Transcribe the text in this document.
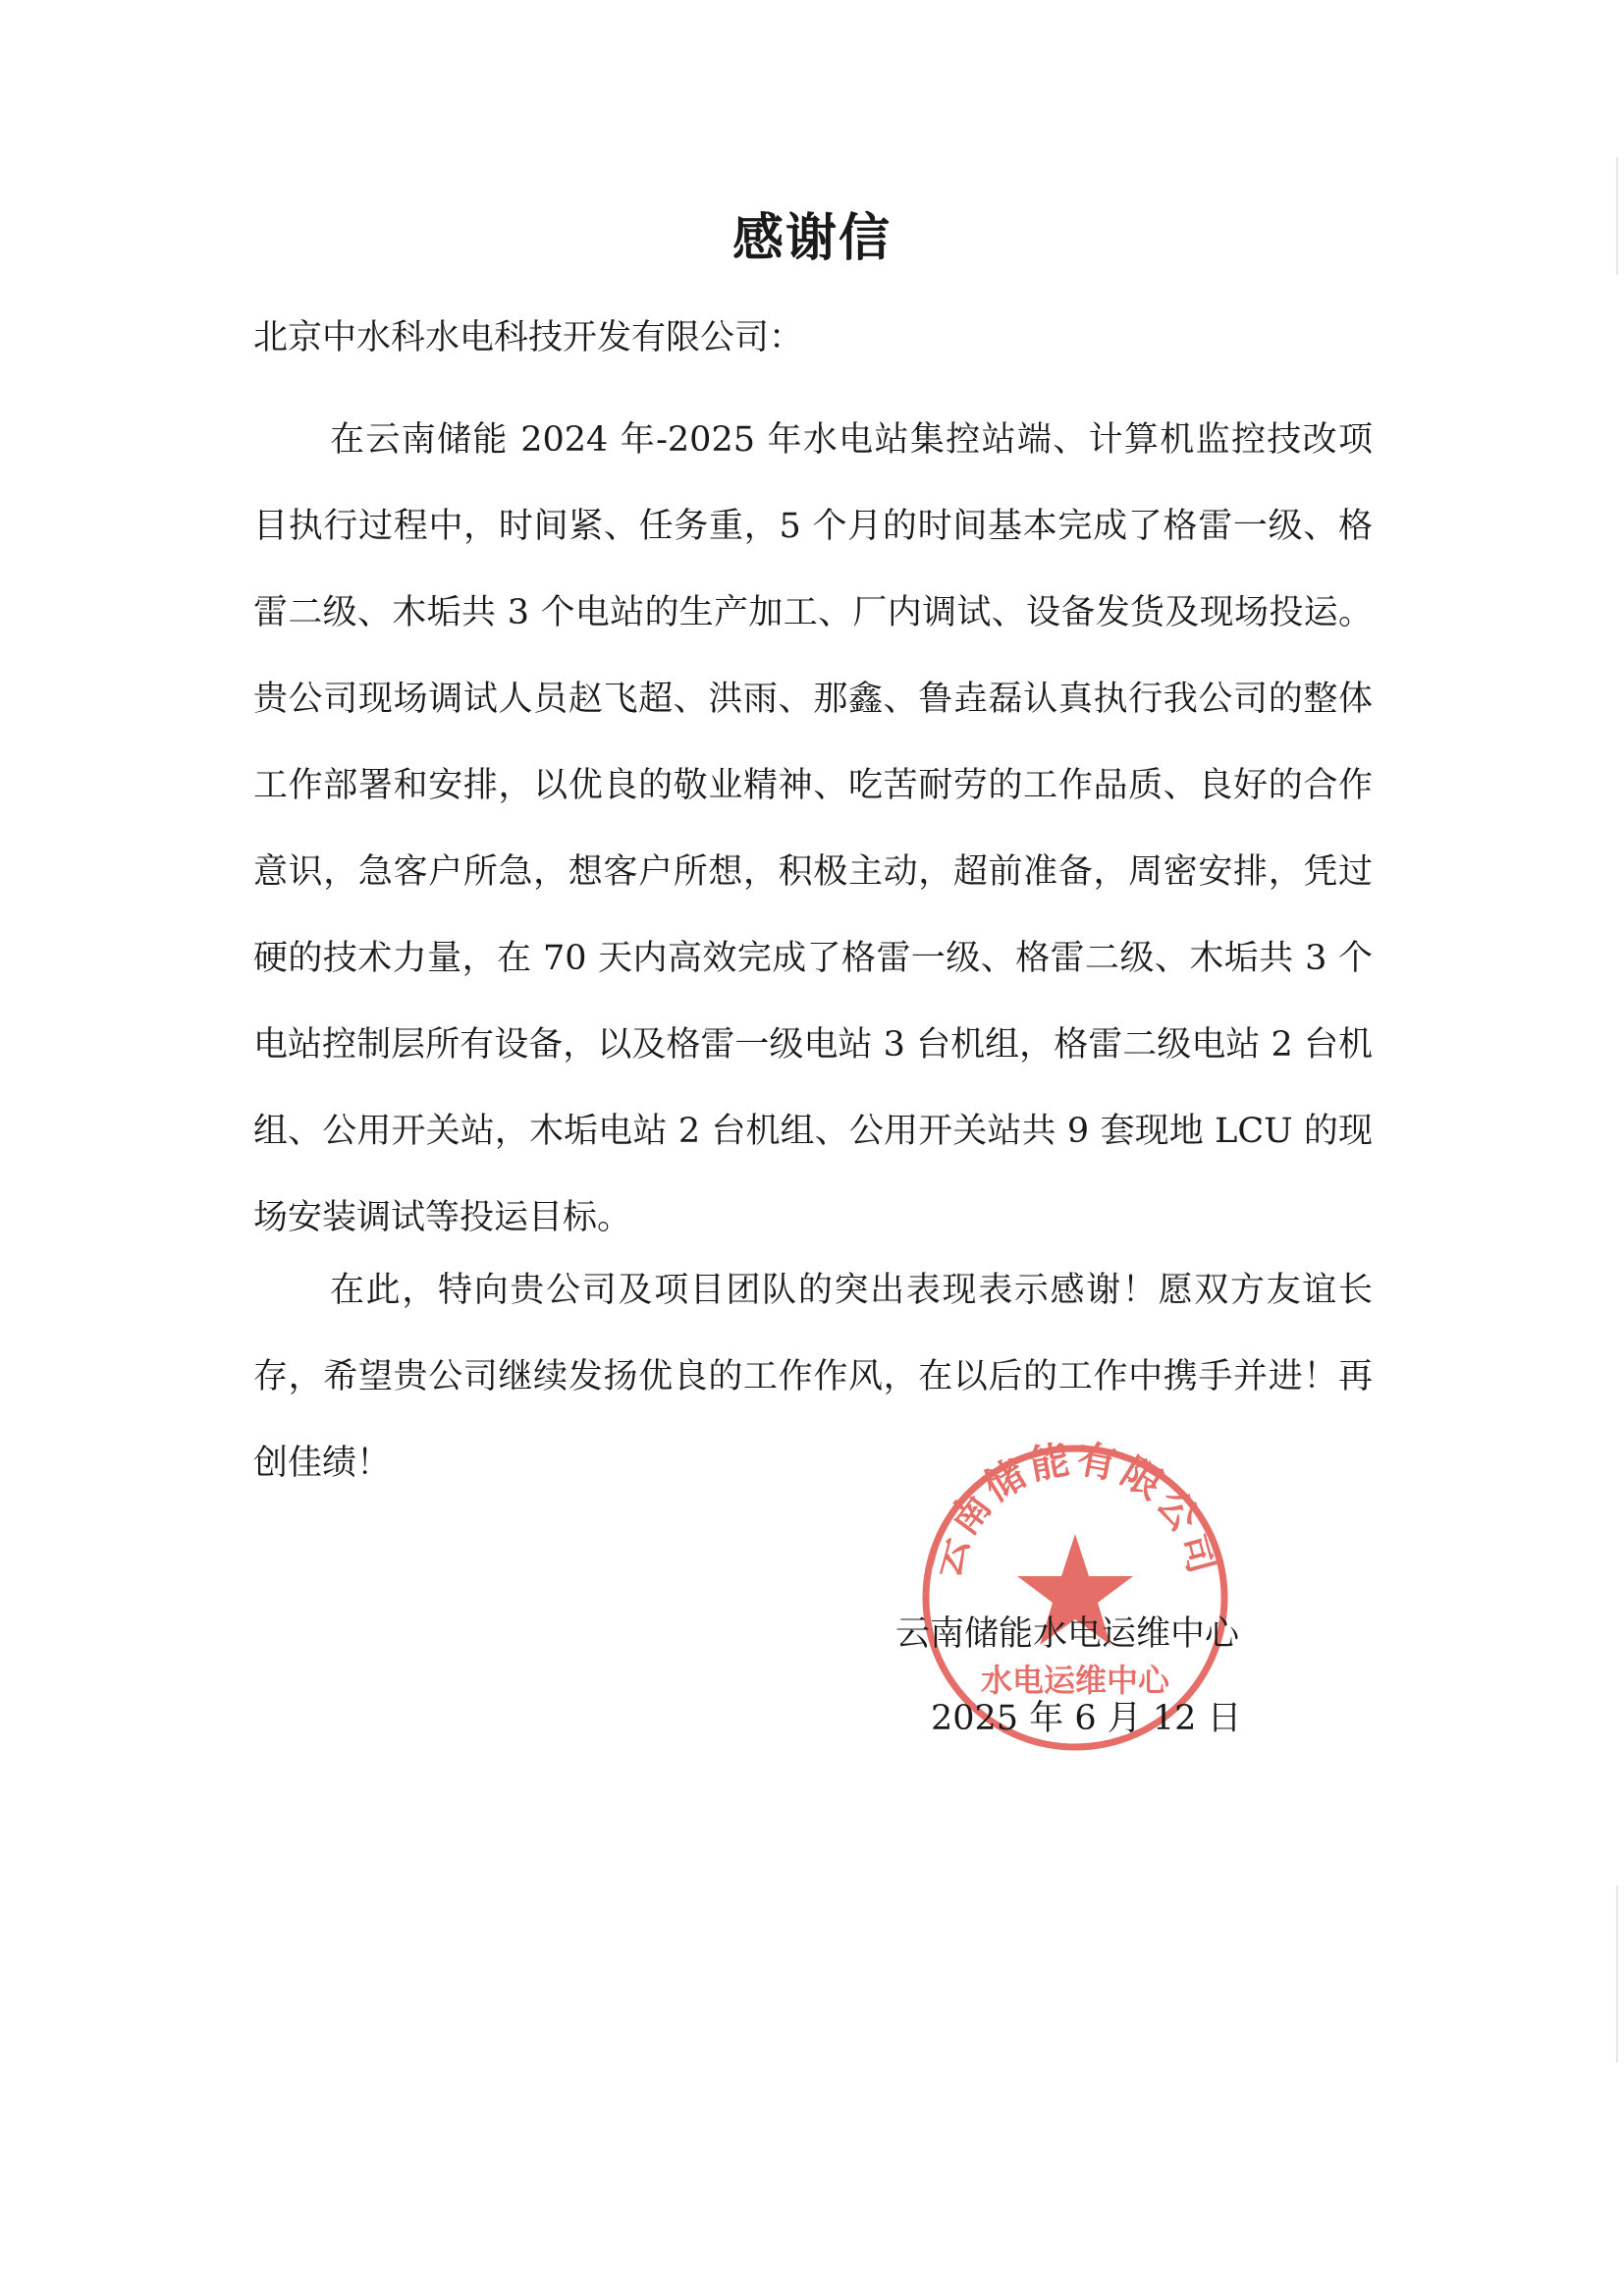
感谢信
北京中水科水电科技开发有限公司：

在云南储能 2024 年-2025 年水电站集控站端、计算机监控技改项目执行过程中，时间紧、任务重，5 个月的时间基本完成了格雷一级、格雷二级、木垢共 3 个电站的生产加工、厂内调试、设备发货及现场投运。贵公司现场调试人员赵飞超、洪雨、那鑫、鲁垚磊认真执行我公司的整体工作部署和安排，以优良的敬业精神、吃苦耐劳的工作品质、良好的合作意识，急客户所急，想客户所想，积极主动，超前准备，周密安排，凭过硬的技术力量，在 70 天内高效完成了格雷一级、格雷二级、木垢共 3 个电站控制层所有设备，以及格雷一级电站 3 台机组，格雷二级电站 2 台机组、公用开关站，木垢电站 2 台机组、公用开关站共 9 套现地 LCU 的现场安装调试等投运目标。

在此，特向贵公司及项目团队的突出表现表示感谢！愿双方友谊长存，希望贵公司继续发扬优良的工作作风，在以后的工作中携手并进！再创佳绩！

云南储能有限公司
水电运维中心
云南储能水电运维中心
2025 年 6 月 12 日
